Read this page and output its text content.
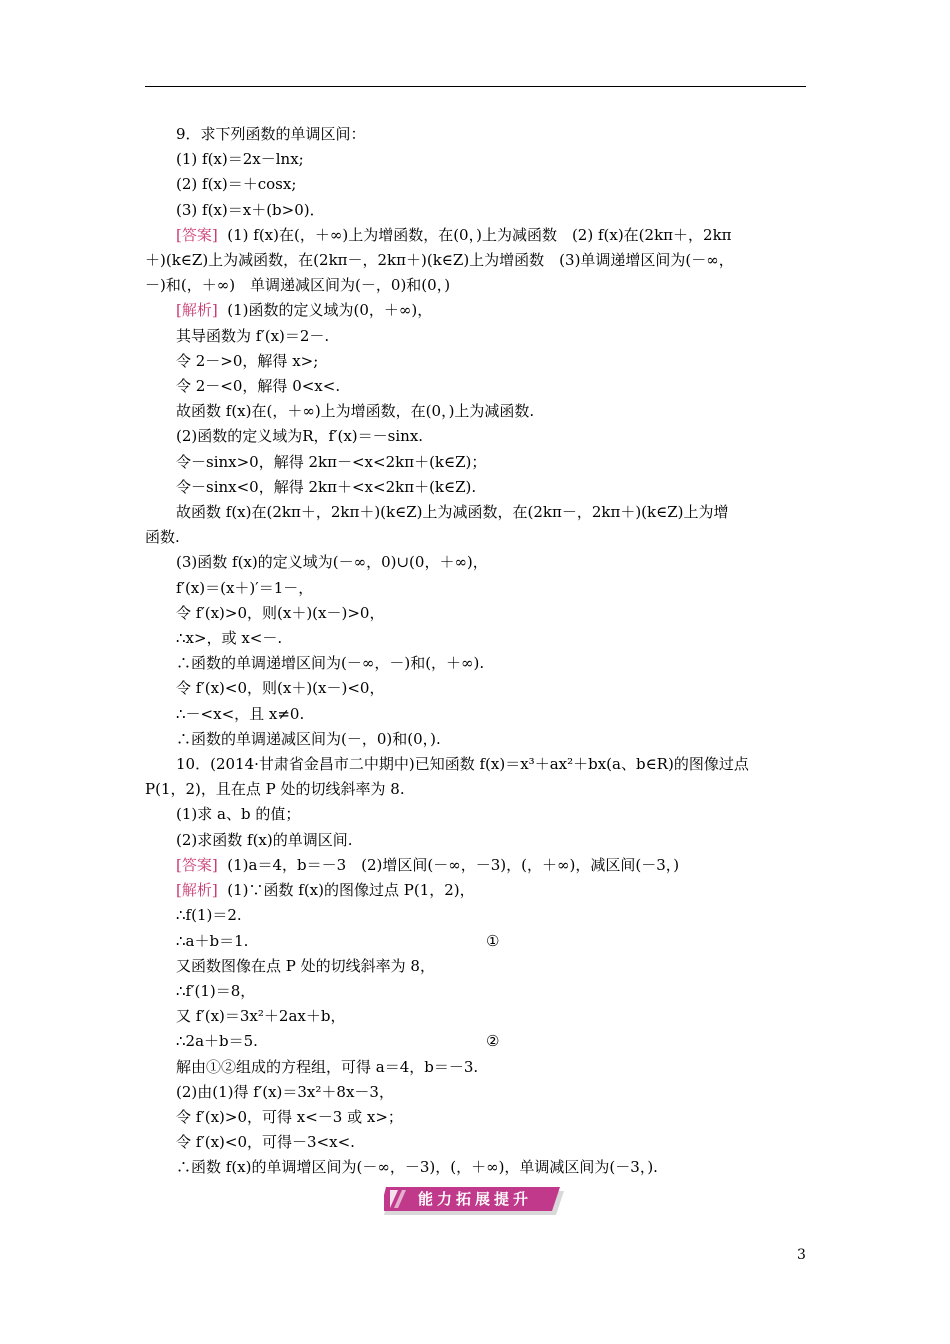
9．求下列函数的单调区间：
(1) f(x)＝2x－lnx;
(2) f(x)＝＋cosx;
(3) f(x)＝x＋(b>0)．
[答案] (1) f(x)在(，＋∞)上为增函数，在(0，)上为减函数　(2) f(x)在(2kπ＋，2kπ
＋)(k∈Z)上为减函数，在(2kπ－，2kπ＋)(k∈Z)上为增函数　(3)单调递增区间为(－∞，
－)和(，＋∞)　单调递减区间为(－，0)和(0，)
[解析] (1)函数的定义域为(0，＋∞)，
其导函数为 f′(x)＝2－.
令 2－>0，解得 x>;
令 2－<0，解得 0<x<.
故函数 f(x)在(，＋∞)上为增函数，在(0，)上为减函数.
(2)函数的定义域为R，f′(x)＝－sinx.
令－sinx>0，解得 2kπ－<x<2kπ＋(k∈Z)；
令－sinx<0，解得 2kπ＋<x<2kπ＋(k∈Z).
故函数 f(x)在(2kπ＋，2kπ＋)(k∈Z)上为减函数，在(2kπ－，2kπ＋)(k∈Z)上为增
函数.
(3)函数 f(x)的定义域为(－∞，0)∪(0，＋∞)，
f′(x)＝(x＋)′＝1－，
令 f′(x)>0，则(x＋)(x－)>0，
∴x>，或 x<－.
∴函数的单调递增区间为(－∞，－)和(，＋∞).
令 f′(x)<0，则(x＋)(x－)<0，
∴－<x<，且 x≠0.
∴函数的单调递减区间为(－，0)和(0，).
10．(2014·甘肃省金昌市二中期中)已知函数 f(x)＝x³＋ax²＋bx(a、b∈R)的图像过点
P(1，2)，且在点 P 处的切线斜率为 8.
(1)求 a、b 的值；
(2)求函数 f(x)的单调区间.
[答案] (1)a＝4，b＝－3　(2)增区间(－∞，－3)，(，＋∞)，减区间(－3，)
[解析] (1)∵函数 f(x)的图像过点 P(1，2)，
∴f(1)＝2.
∴a＋b＝1.	①
又函数图像在点 P 处的切线斜率为 8，
∴f′(1)＝8，
又 f′(x)＝3x²＋2ax＋b，
∴2a＋b＝5.	②
解由①②组成的方程组，可得 a＝4，b＝－3.
(2)由(1)得 f′(x)＝3x²＋8x－3，
令 f′(x)>0，可得 x<－3 或 x>；
令 f′(x)<0，可得－3<x<.
∴函数 f(x)的单调增区间为(－∞，－3)，(，＋∞)，单调减区间为(－3，).
能力拓展提升
3
